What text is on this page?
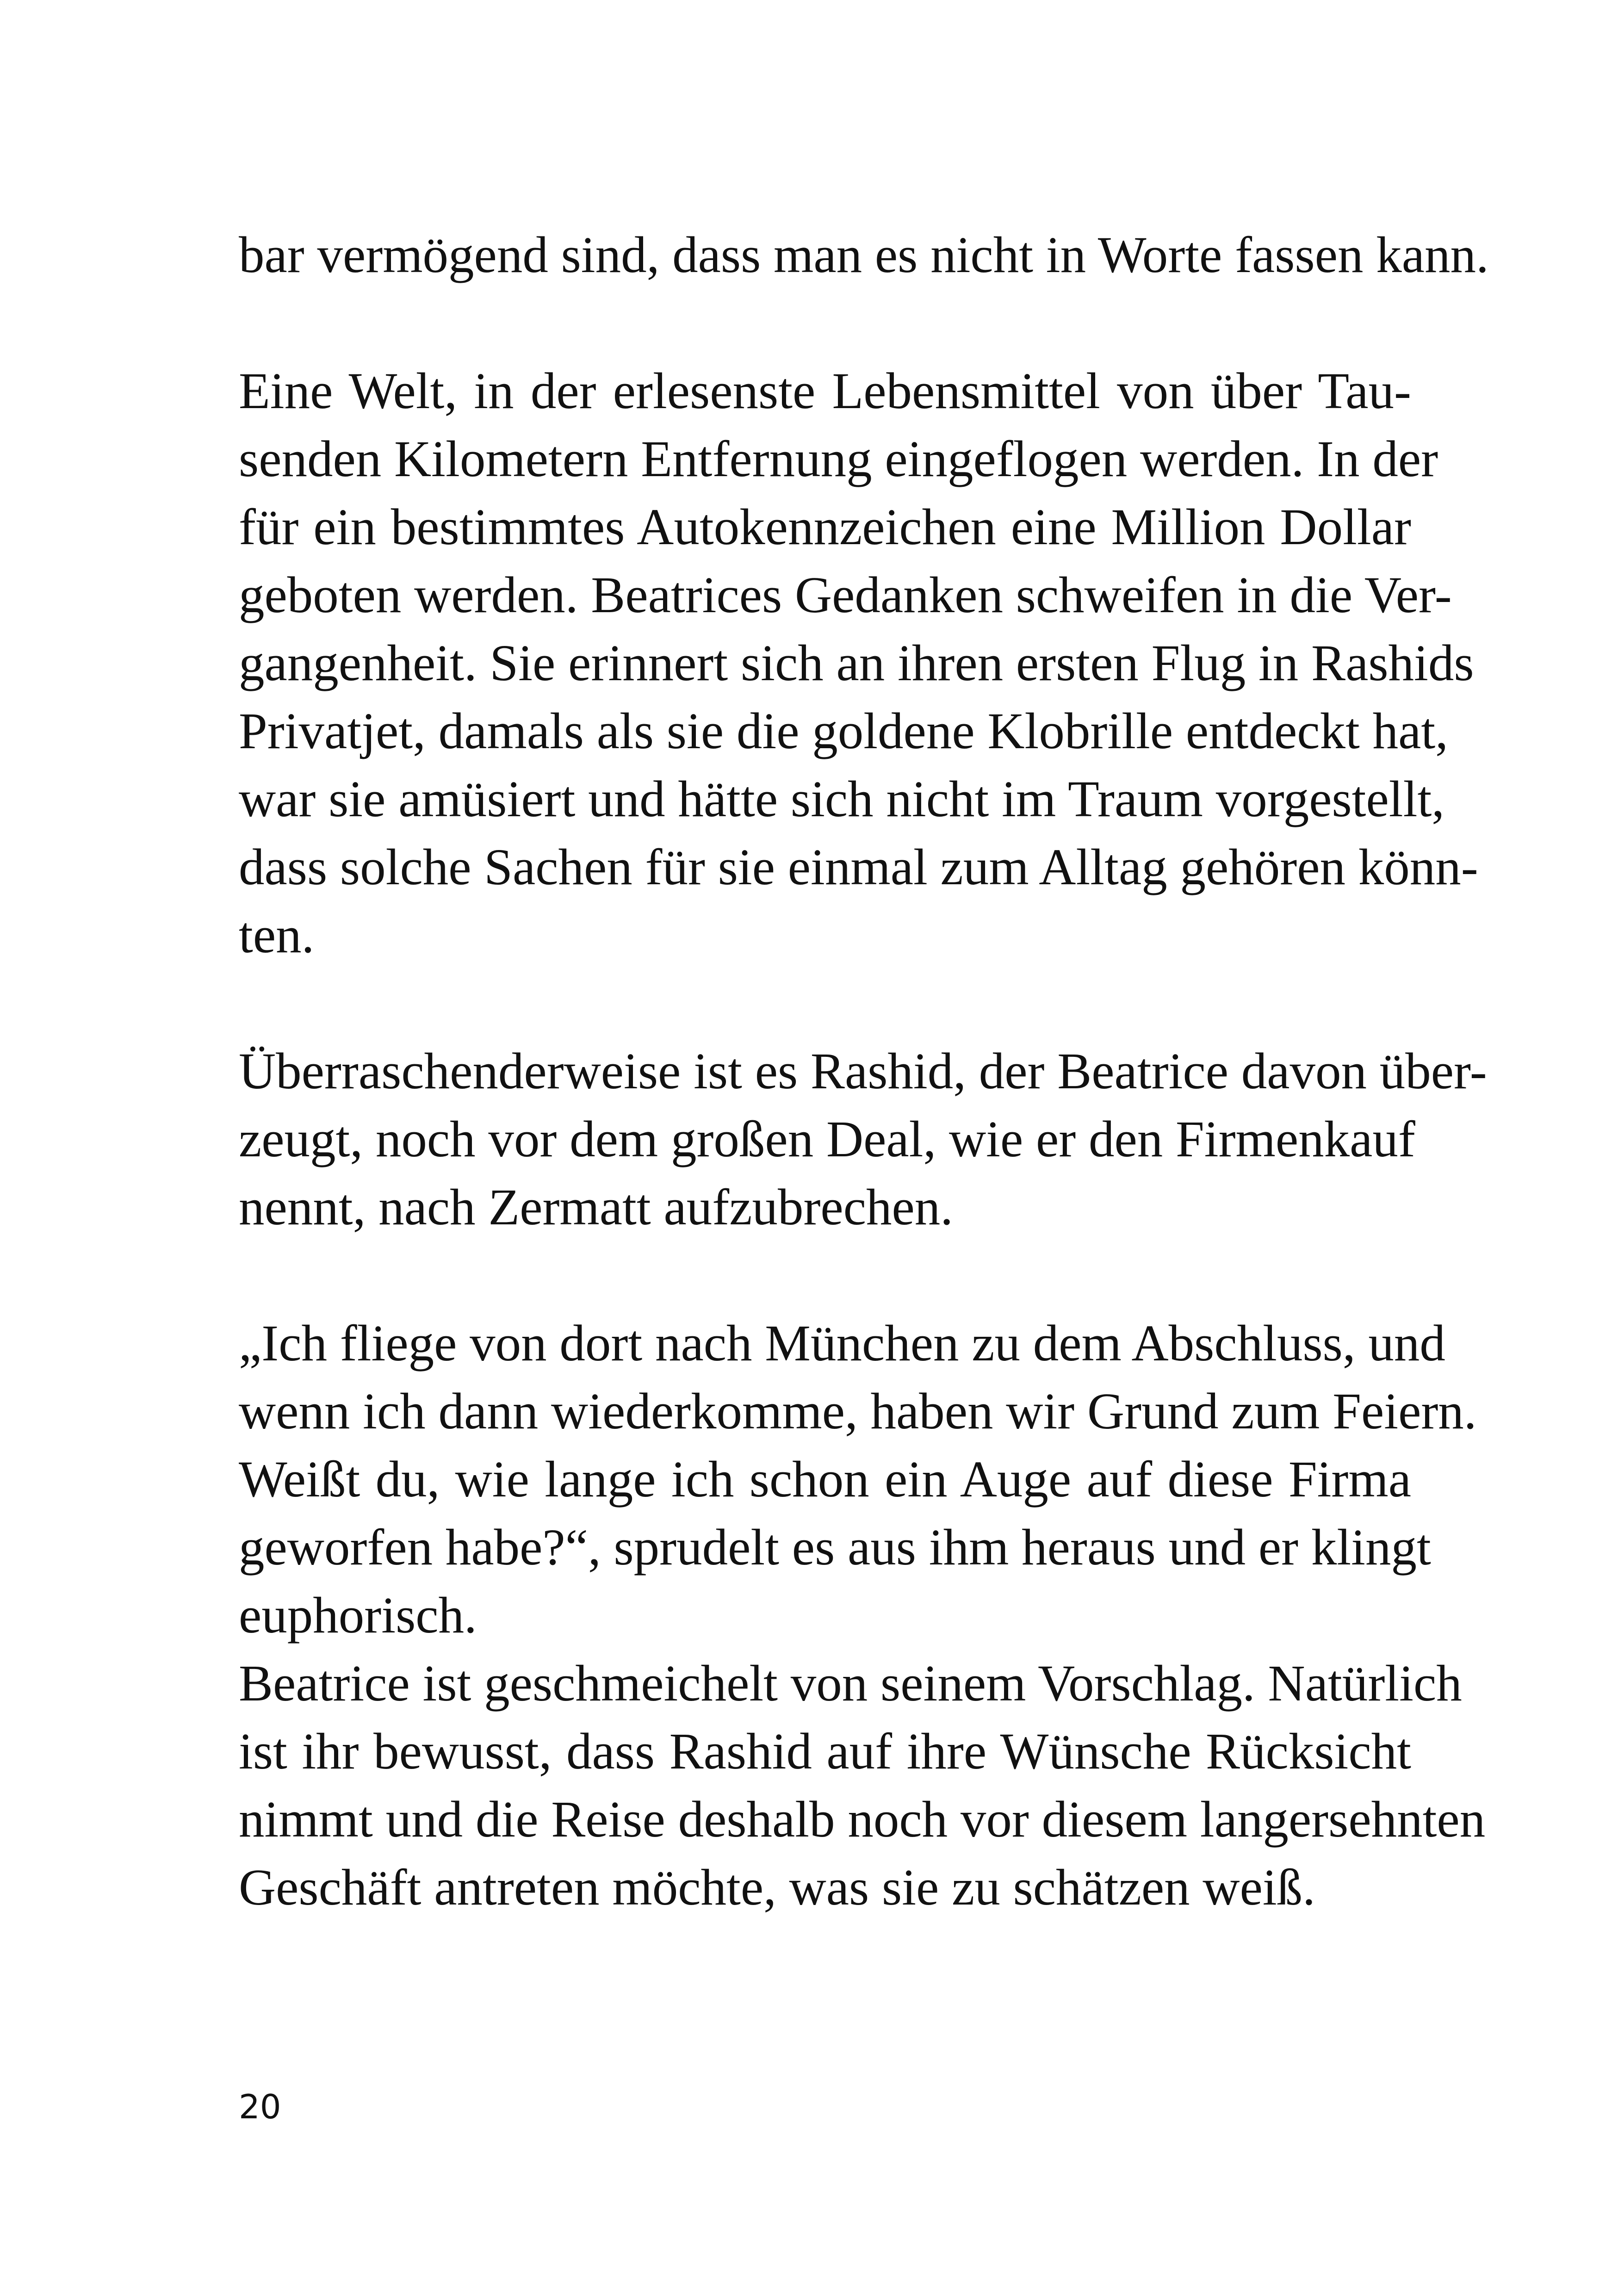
bar vermögend sind, dass man es nicht in Worte fassen kann.
Eine Welt, in der erlesenste Lebensmittel von über Tau-
senden Kilometern Entfernung eingeflogen werden. In der
für ein bestimmtes Autokennzeichen eine Million Dollar
geboten werden. Beatrices Gedanken schweifen in die Ver-
gangenheit. Sie erinnert sich an ihren ersten Flug in Rashids
Privatjet, damals als sie die goldene Klobrille entdeckt hat,
war sie amüsiert und hätte sich nicht im Traum vorgestellt,
dass solche Sachen für sie einmal zum Alltag gehören könn-
ten.
Überraschenderweise ist es Rashid, der Beatrice davon über-
zeugt, noch vor dem großen Deal, wie er den Firmenkauf
nennt, nach Zermatt aufzubrechen.
„Ich fliege von dort nach München zu dem Abschluss, und
wenn ich dann wiederkomme, haben wir Grund zum Feiern.
Weißt du, wie lange ich schon ein Auge auf diese Firma
geworfen habe?“, sprudelt es aus ihm heraus und er klingt
euphorisch.
Beatrice ist geschmeichelt von seinem Vorschlag. Natürlich
ist ihr bewusst, dass Rashid auf ihre Wünsche Rücksicht
nimmt und die Reise deshalb noch vor diesem langersehnten
Geschäft antreten möchte, was sie zu schätzen weiß.
20
